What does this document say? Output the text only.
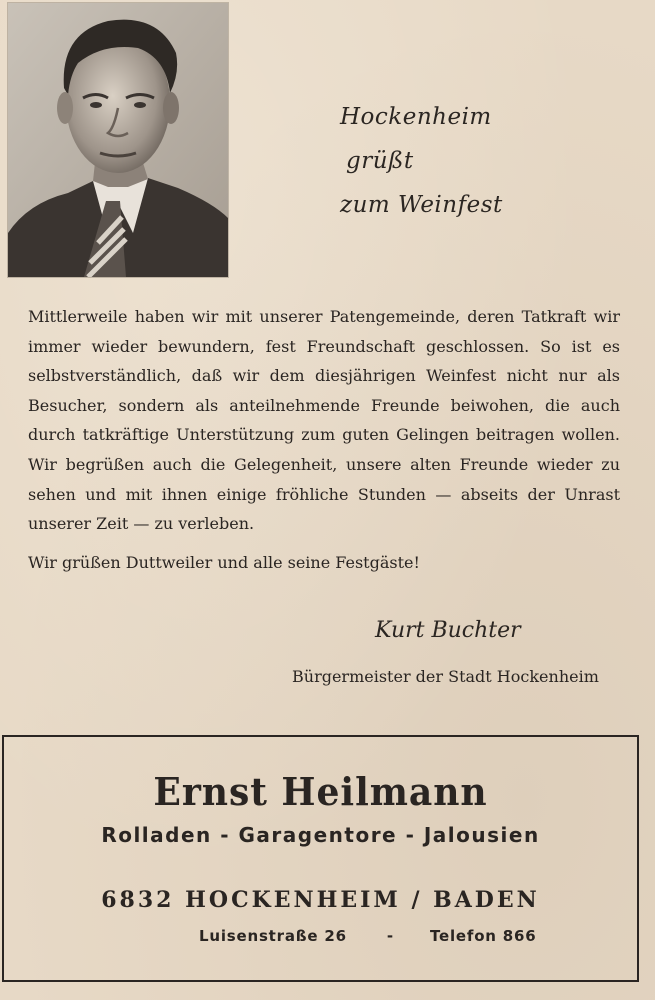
Hockenheim
grüßt
zum Weinfest

Mittlerweile haben wir mit unserer Patengemeinde, deren Tatkraft wir immer wieder bewundern, fest Freundschaft geschlossen. So ist es selbstverständlich, daß wir dem diesjährigen Weinfest nicht nur als Besucher, sondern als anteilnehmende Freunde beiwohen, die auch durch tatkräftige Unterstützung zum guten Gelingen beitragen wollen. Wir begrüßen auch die Gelegenheit, unsere alten Freunde wieder zu sehen und mit ihnen einige fröhliche Stunden — abseits der Unrast unserer Zeit — zu verleben.

Wir grüßen Duttweiler und alle seine Festgäste!
Kurt Buchter
Bürgermeister der Stadt Hockenheim
Ernst Heilmann
Rolladen - Garagentore - Jalousien
6832 HOCKENHEIM / BADEN
Luisenstraße 26	- Telefon 866
